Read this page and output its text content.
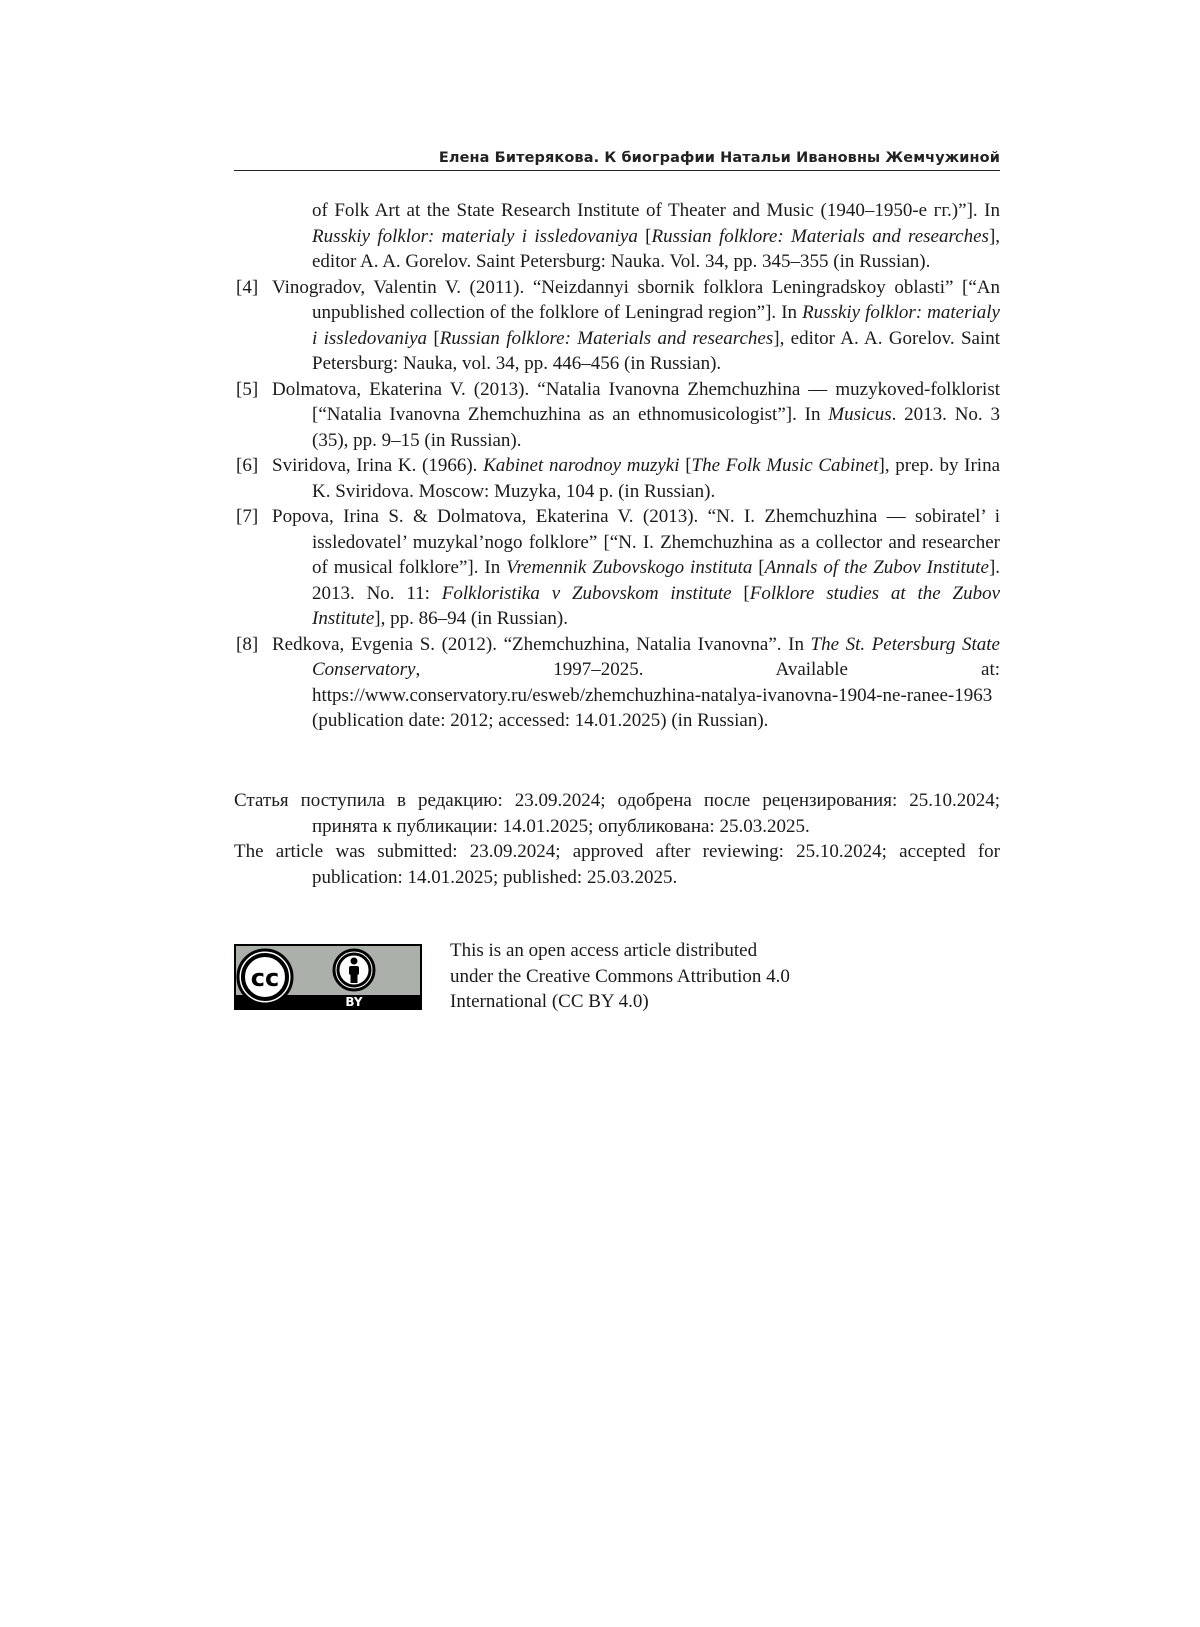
Елена Битерякова. К биографии Натальи Ивановны Жемчужиной

of Folk Art at the State Research Institute of Theater and Music (1940–1950-е гг.)”]. In Russkiy folklor: materialy i issledovaniya [Russian folklore: Materials and researches], editor A. A. Gorelov. Saint Petersburg: Nauka. Vol. 34, pp. 345–355 (in Russian).

[4] Vinogradov, Valentin V. (2011). “Neizdannyi sbornik folklora Leningradskoy oblasti” [“An unpublished collection of the folklore of Leningrad region”]. In Russkiy folklor: materialy i issledovaniya [Russian folklore: Materials and researches], editor A. A. Gorelov. Saint Petersburg: Nauka, vol. 34, pp. 446–456 (in Russian).

[5] Dolmatova, Ekaterina V. (2013). “Natalia Ivanovna Zhemchuzhina — muzykoved-folklorist [“Natalia Ivanovna Zhemchuzhina as an ethnomusicologist”]. In Musicus. 2013. No. 3 (35), pp. 9–15 (in Russian).

[6] Sviridova, Irina K. (1966). Kabinet narodnoy muzyki [The Folk Music Cabinet], prep. by Irina K. Sviridova. Moscow: Muzyka, 104 p. (in Russian).

[7] Popova, Irina S. & Dolmatova, Ekaterina V. (2013). “N. I. Zhemchuzhina — sobiratel’ i issledovatel’ muzykal’nogo folklore” [“N. I. Zhemchuzhina as a collector and researcher of musical folklore”]. In Vremennik Zubovskogo instituta [Annals of the Zubov Institute]. 2013. No. 11: Folkloristika v Zubovskom institute [Folklore studies at the Zubov Institute], pp. 86–94 (in Russian).

[8] Redkova, Evgenia S. (2012). “Zhemchuzhina, Natalia Ivanovna”. In The St. Petersburg State Conservatory, 1997–2025. Available at: https://www.conservatory.ru/esweb/zhemchuzhina-natalya-ivanovna-1904-ne-ranee-1963 (publication date: 2012; accessed: 14.01.2025) (in Russian).

Статья поступила в редакцию: 23.09.2024; одобрена после рецензирования: 25.10.2024; принята к публикации: 14.01.2025; опубликована: 25.03.2025.

The article was submitted: 23.09.2024; approved after reviewing: 25.10.2024; accepted for publication: 14.01.2025; published: 25.03.2025.

cc
BY
This is an open access article distributed
under the Creative Commons Attribution 4.0
International (CC BY 4.0)
